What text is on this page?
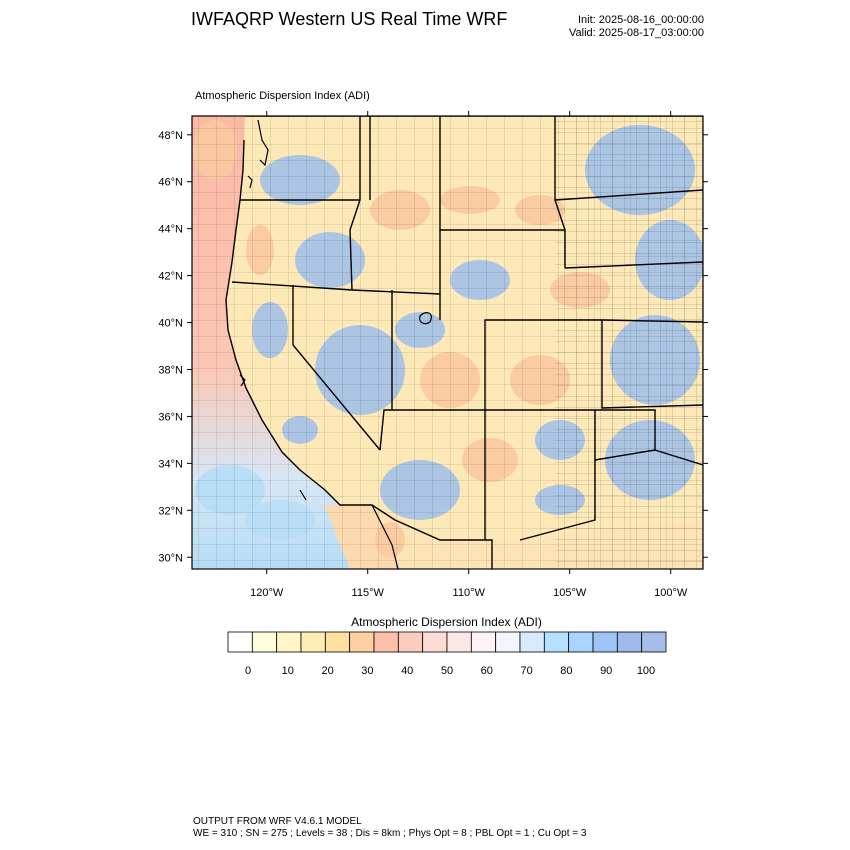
IWFAQRP Western US Real Time WRF	Init: 2025-08-16_00:00:00
Valid: 2025-08-17_03:00:00
Atmospheric Dispersion Index (ADI)
48°N
46°N
44°N
42°N
40°N
38°N
36°N
34°N
32°N
30°N
120°W	115°W	110°W	105°W	100°W
0	10	20	30	40	50	60	70	80	90 100
Atmospheric Dispersion Index (ADI)
OUTPUT FROM WRF V4.6.1 MODEL
WE = 310 ; SN = 275 ; Levels = 38 ; Dis = 8km ; Phys Opt = 8 ; PBL Opt = 1 ; Cu Opt = 3
